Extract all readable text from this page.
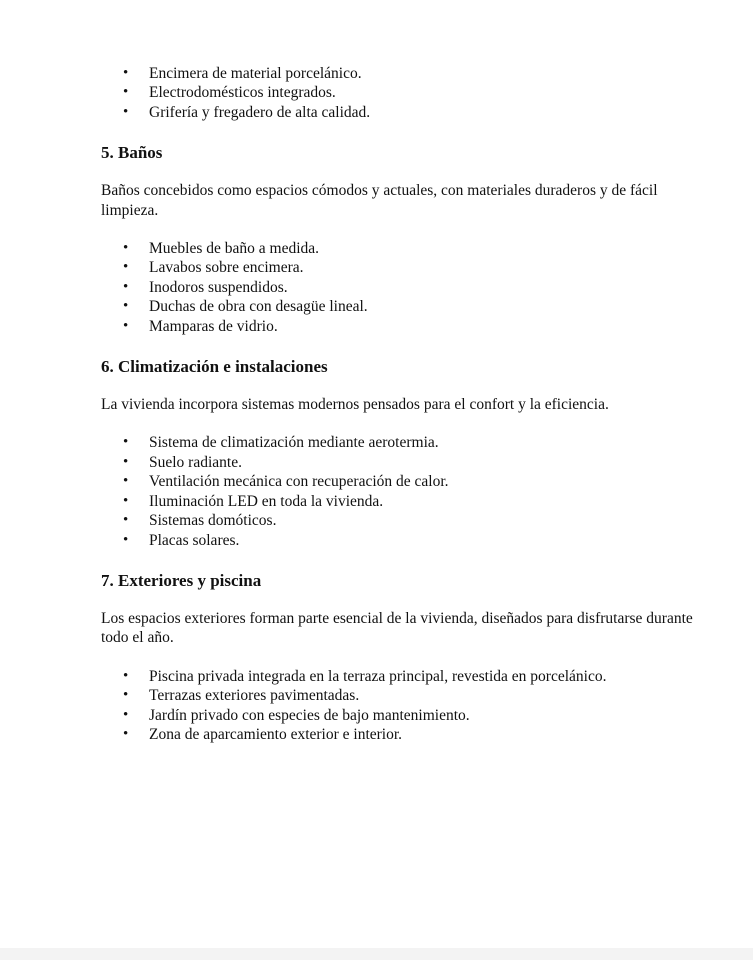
• Encimera de material porcelánico.
• Electrodomésticos integrados.
• Grifería y fregadero de alta calidad.
5. Baños

Baños concebidos como espacios cómodos y actuales, con materiales duraderos y de fácil limpieza.

• Muebles de baño a medida.
• Lavabos sobre encimera.
• Inodoros suspendidos.
• Duchas de obra con desagüe lineal.
• Mamparas de vidrio.
6. Climatización e instalaciones

La vivienda incorpora sistemas modernos pensados para el confort y la eficiencia.

• Sistema de climatización mediante aerotermia.
• Suelo radiante.
• Ventilación mecánica con recuperación de calor.
• Iluminación LED en toda la vivienda.
• Sistemas domóticos.
• Placas solares.
7. Exteriores y piscina

Los espacios exteriores forman parte esencial de la vivienda, diseñados para disfrutarse durante todo el año.

• Piscina privada integrada en la terraza principal, revestida en porcelánico.
• Terrazas exteriores pavimentadas.
• Jardín privado con especies de bajo mantenimiento.
• Zona de aparcamiento exterior e interior.
